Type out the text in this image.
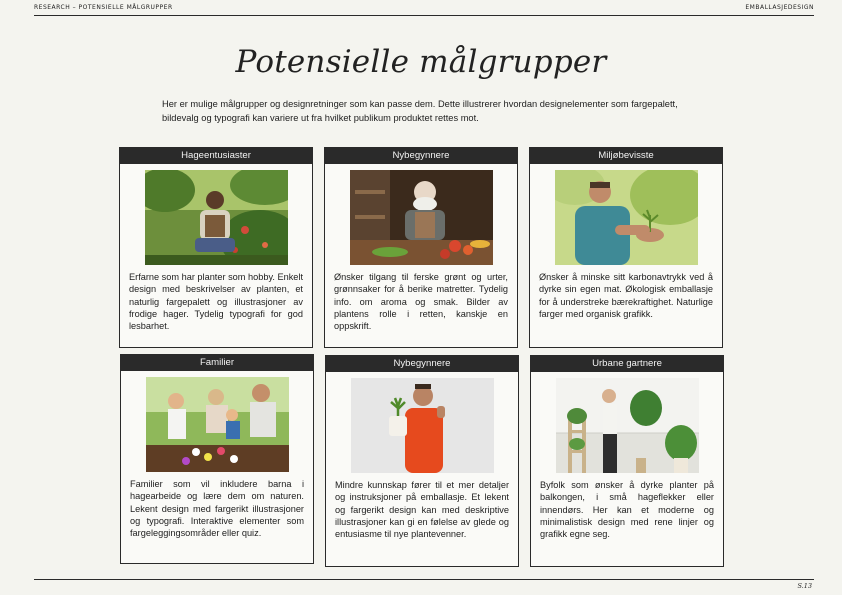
RESEARCH – POTENSIELLE MÅLGRUPPER	EMBALLASJEDESIGN
Potensielle målgrupper

Her er mulige målgrupper og designretninger som kan passe dem. Dette illustrerer hvordan designelementer som fargepalett, bildevalg og typografi kan variere ut fra hvilket publikum produktet rettes mot.

Hageentusiaster

Erfarne som har planter som hobby. Enkelt design med beskrivelser av planten, et naturlig fargepalett og illustrasjoner av frodige hager. Tydelig typografi for god lesbarhet.

Nybegynnere

Ønsker tilgang til ferske grønt og urter, grønnsaker for å berike matretter. Tydelig info. om aroma og smak. Bilder av plantens rolle i retten, kanskje en oppskrift.

Miljøbevisste

Ønsker å minske sitt karbonavtrykk ved å dyrke sin egen mat. Økologisk emballasje for å understreke bærekraftighet. Naturlige farger med organisk grafikk.

Familier

Familier som vil inkludere barna i hagearbeide og lære dem om naturen. Lekent design med fargerikt illustrasjoner og typografi. Interaktive elementer som fargeleggingsområder eller quiz.

Nybegynnere

Mindre kunnskap fører til et mer detaljer og instruksjoner på emballasje. Et lekent og fargerikt design kan med deskriptive illustrasjoner kan gi en følelse av glede og entusiasme til nye plantevenner.

Urbane gartnere

Byfolk som ønsker å dyrke planter på balkongen, i små hageflekker eller innendørs. Her kan et moderne og minimalistisk design med rene linjer og grafikk egne seg.

S.13
